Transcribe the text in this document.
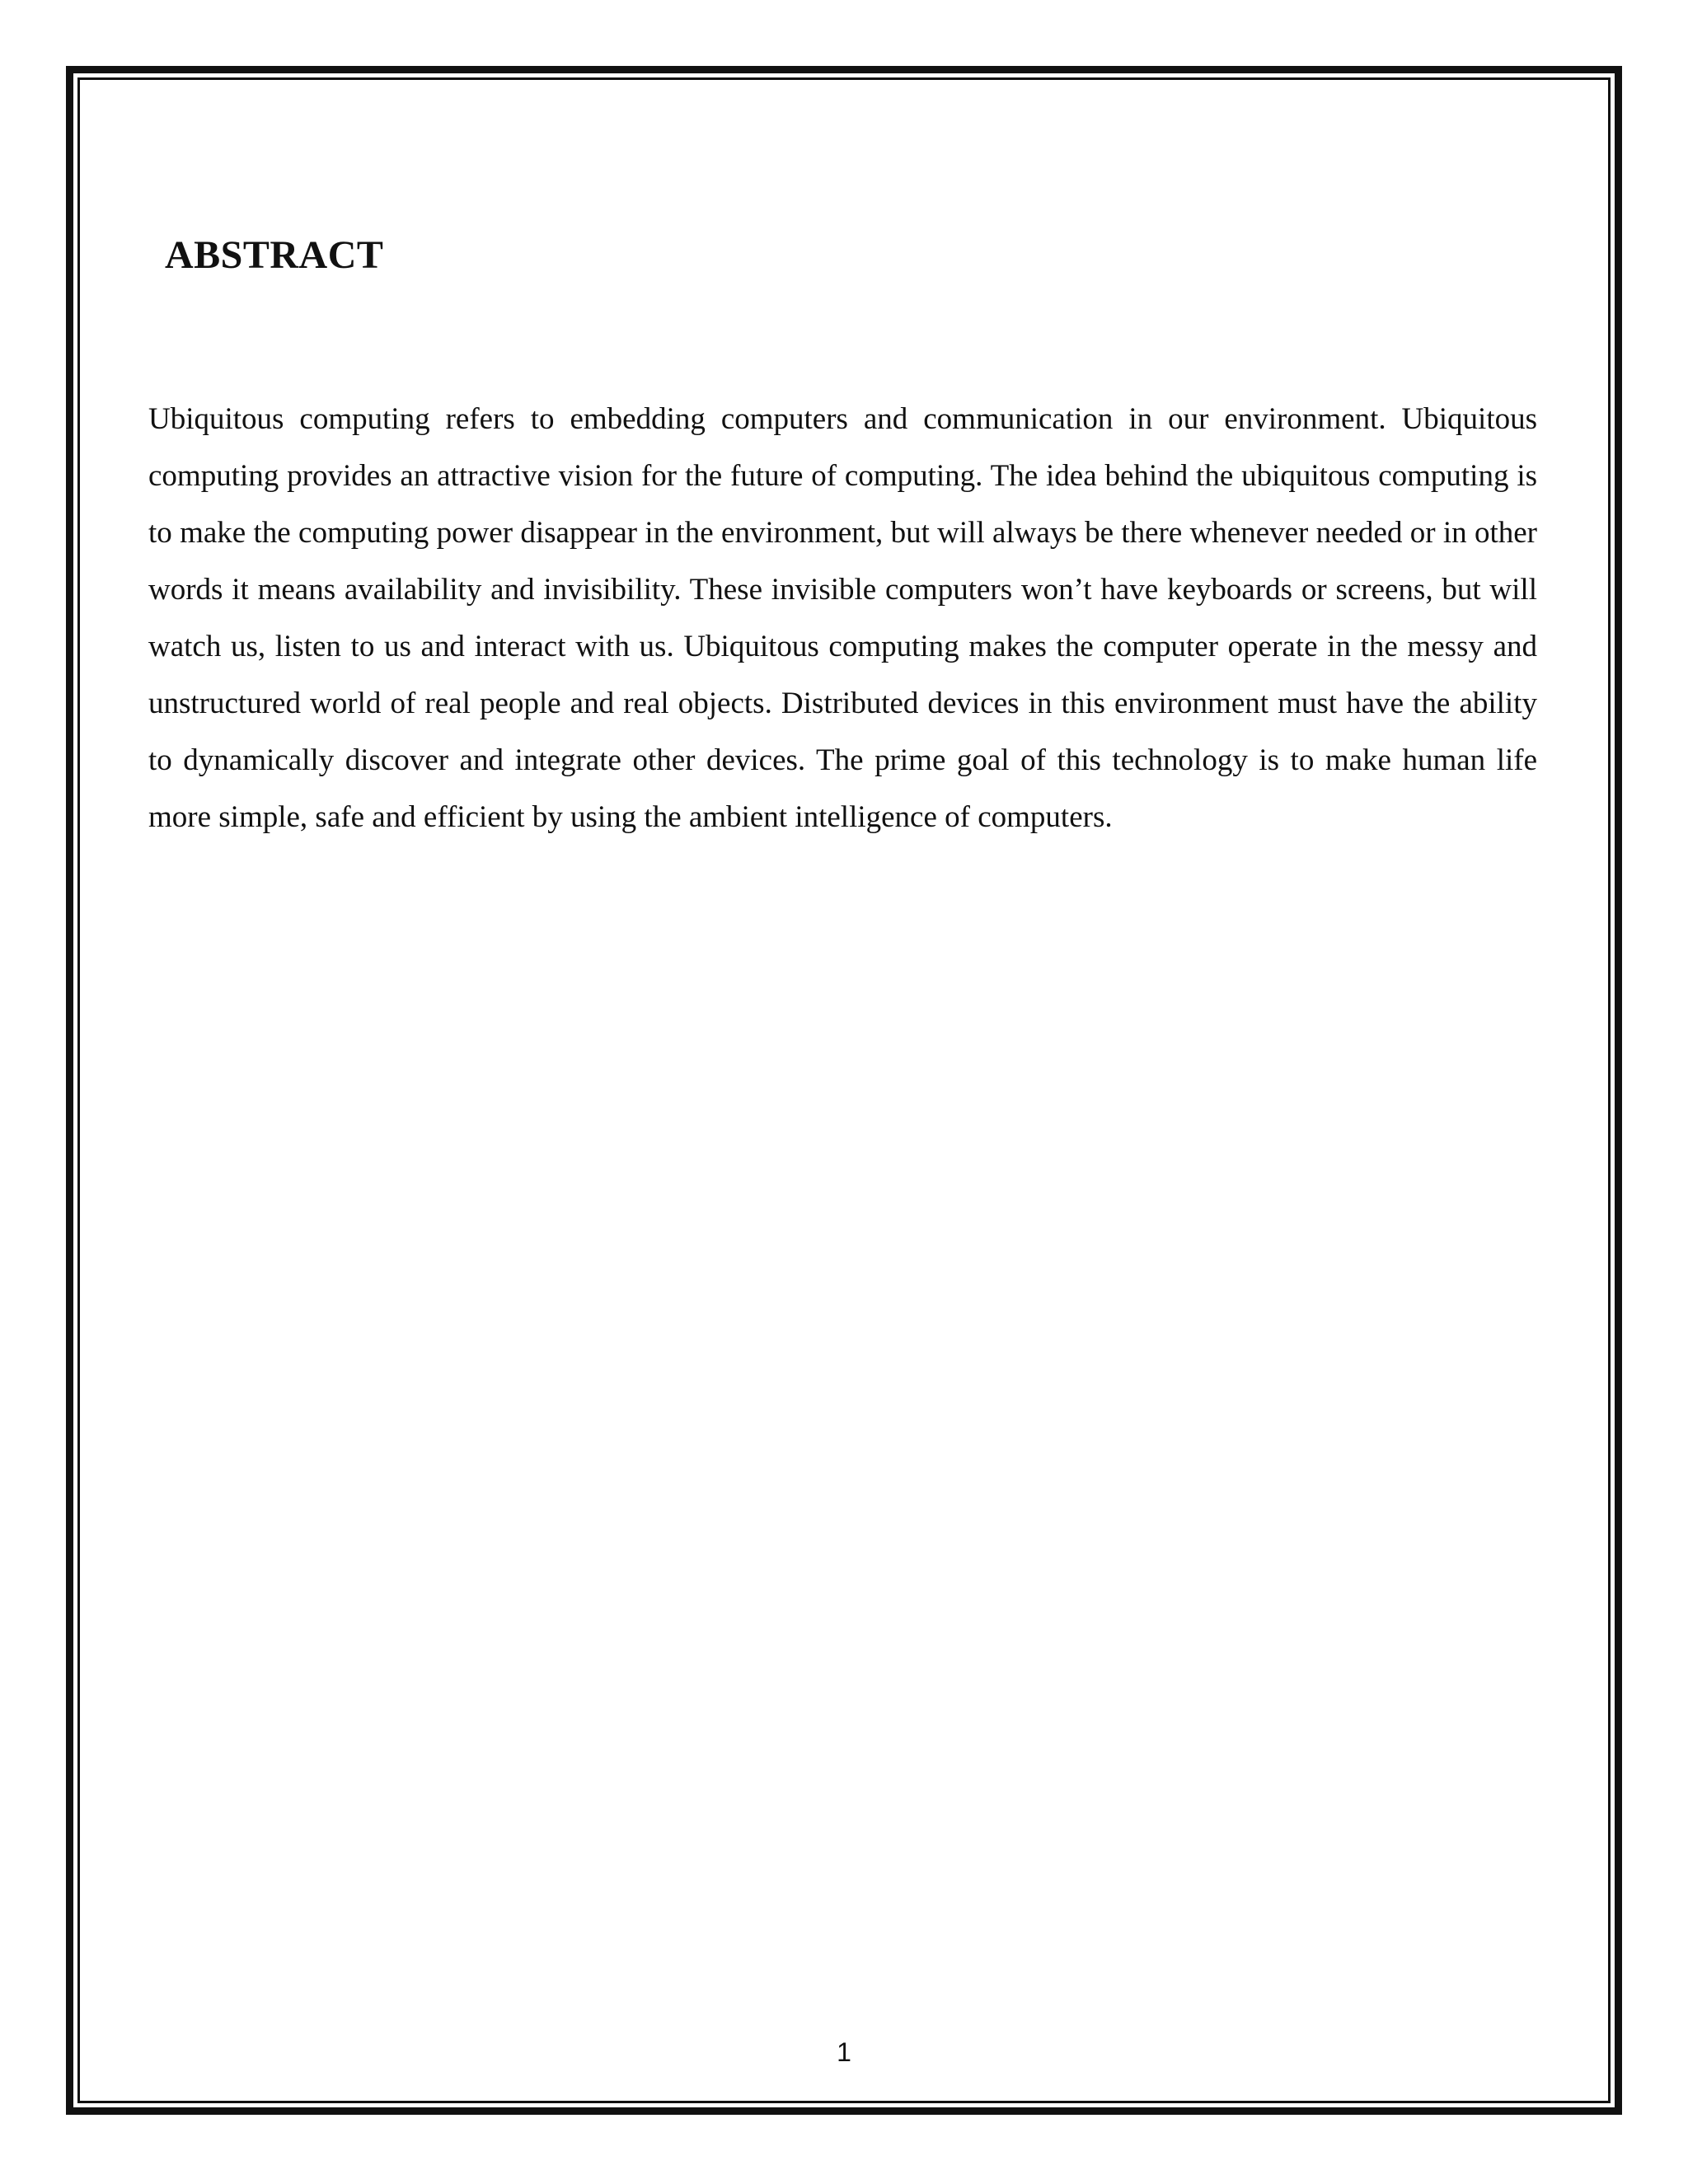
ABSTRACT

Ubiquitous computing refers to embedding computers and communication in our environment. Ubiquitous computing provides an attractive vision for the future of computing. The idea behind the ubiquitous computing is to make the computing power disappear in the environment, but will always be there whenever needed or in other words it means availability and invisibility. These invisible computers won’t have keyboards or screens, but will watch us, listen to us and interact with us. Ubiquitous computing makes the computer operate in the messy and unstructured world of real people and real objects. Distributed devices in this environment must have the ability to dynamically discover and integrate other devices. The prime goal of this technology is to make human life more simple, safe and efficient by using the ambient intelligence of computers.

1
